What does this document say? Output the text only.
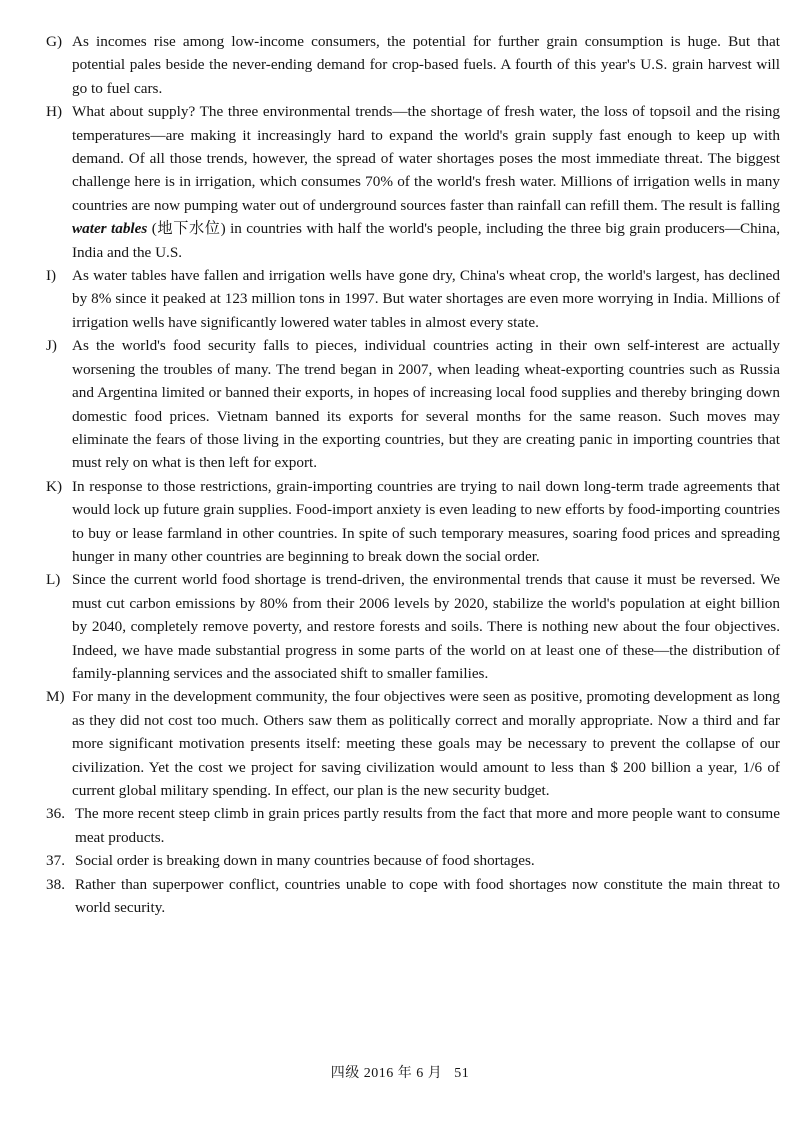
G) As incomes rise among low-income consumers, the potential for further grain consumption is huge. But that potential pales beside the never-ending demand for crop-based fuels. A fourth of this year's U.S. grain harvest will go to fuel cars.

H) What about supply? The three environmental trends—the shortage of fresh water, the loss of topsoil and the rising temperatures—are making it increasingly hard to expand the world's grain supply fast enough to keep up with demand. Of all those trends, however, the spread of water shortages poses the most immediate threat. The biggest challenge here is in irrigation, which consumes 70% of the world's fresh water. Millions of irrigation wells in many countries are now pumping water out of underground sources faster than rainfall can refill them. The result is falling water tables (地下水位) in countries with half the world's people, including the three big grain producers—China, India and the U.S.

I)	As water tables have fallen and irrigation wells have gone dry, China's wheat crop, the world's largest, has declined by 8% since it peaked at 123 million tons in 1997. But water shortages are even more worrying in India. Millions of irrigation wells have significantly lowered water tables in almost every state.

J) As the world's food security falls to pieces, individual countries acting in their own self-interest are actually worsening the troubles of many. The trend began in 2007, when leading wheat-exporting countries such as Russia and Argentina limited or banned their exports, in hopes of increasing local food supplies and thereby bringing down domestic food prices. Vietnam banned its exports for several months for the same reason. Such moves may eliminate the fears of those living in the exporting countries, but they are creating panic in importing countries that must rely on what is then left for export.

K) In response to those restrictions, grain-importing countries are trying to nail down long-term trade agreements that would lock up future grain supplies. Food-import anxiety is even leading to new efforts by food-importing countries to buy or lease farmland in other countries. In spite of such temporary measures, soaring food prices and spreading hunger in many other countries are beginning to break down the social order.

L) Since the current world food shortage is trend-driven, the environmental trends that cause it must be reversed. We must cut carbon emissions by 80% from their 2006 levels by 2020, stabilize the world's population at eight billion by 2040, completely remove poverty, and restore forests and soils. There is nothing new about the four objectives. Indeed, we have made substantial progress in some parts of the world on at least one of these—the distribution of family-planning services and the associated shift to smaller families.

M) For many in the development community, the four objectives were seen as positive, promoting development as long as they did not cost too much. Others saw them as politically correct and morally appropriate. Now a third and far more significant motivation presents itself: meeting these goals may be necessary to prevent the collapse of our civilization. Yet the cost we project for saving civilization would amount to less than $ 200 billion a year, 1/6 of current global military spending. In effect, our plan is the new security budget.

36. The more recent steep climb in grain prices partly results from the fact that more and more people want to consume meat products.

37. Social order is breaking down in many countries because of food shortages.

38. Rather than superpower conflict, countries unable to cope with food shortages now constitute the main threat to world security.

四级 2016 年 6 月 51
